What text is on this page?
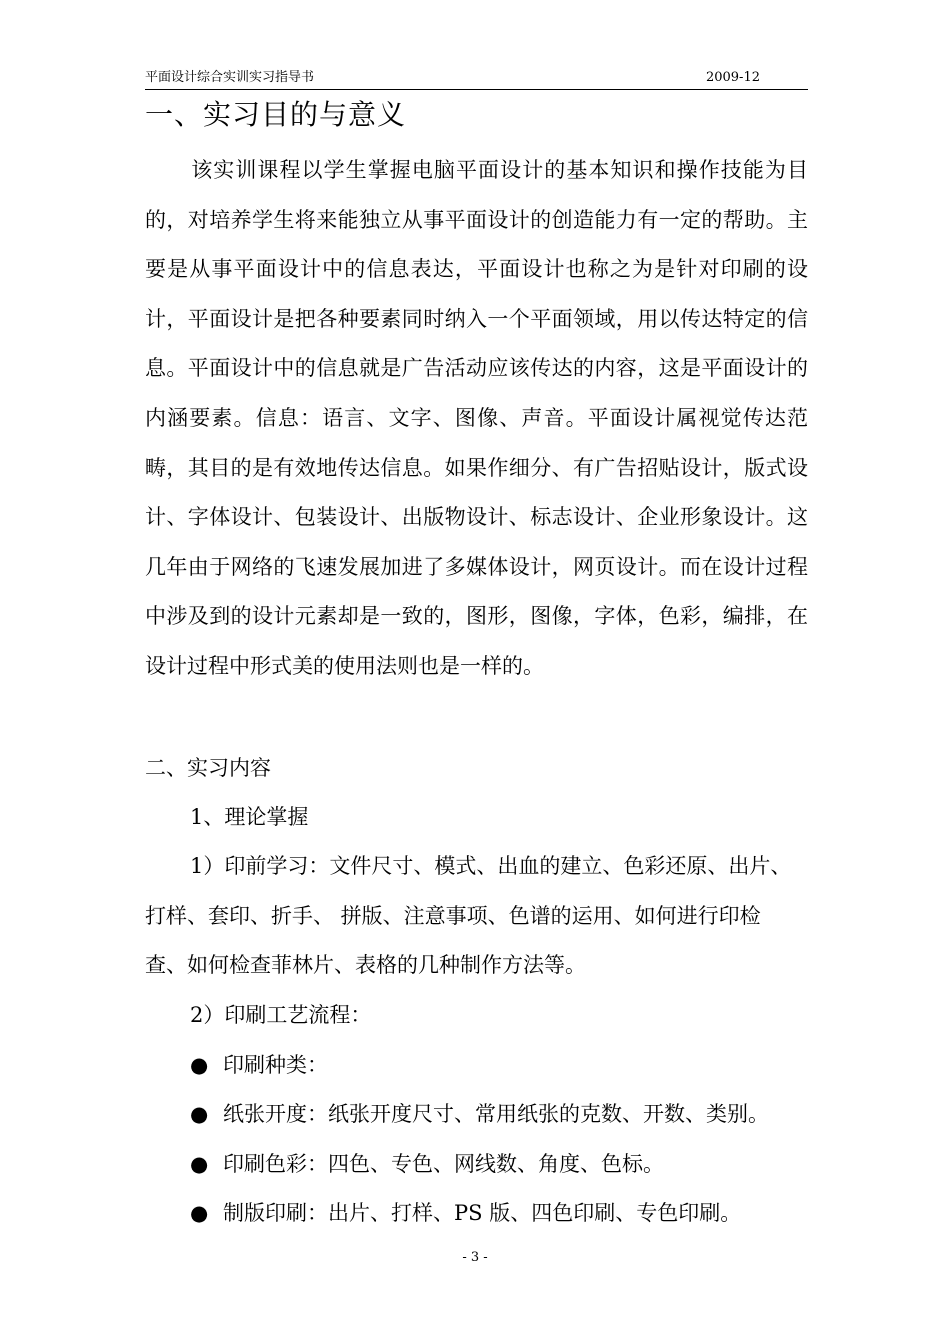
平面设计综合实训实习指导书	2009-12
一、实习目的与意义

该实训课程以学生掌握电脑平面设计的基本知识和操作技能为目的，对培养学生将来能独立从事平面设计的创造能力有一定的帮助。主要是从事平面设计中的信息表达，平面设计也称之为是针对印刷的设计，平面设计是把各种要素同时纳入一个平面领域，用以传达特定的信息。平面设计中的信息就是广告活动应该传达的内容，这是平面设计的内涵要素。信息：语言、文字、图像、声音。平面设计属视觉传达范畴，其目的是有效地传达信息。如果作细分、有广告招贴设计，版式设计、字体设计、包装设计、出版物设计、标志设计、企业形象设计。这几年由于网络的飞速发展加进了多媒体设计，网页设计。而在设计过程中涉及到的设计元素却是一致的，图形，图像，字体，色彩，编排，在设计过程中形式美的使用法则也是一样的。

二、实习内容
1、理论掌握
1）印前学习：文件尺寸、模式、出血的建立、色彩还原、出片、
打样、套印、折手、 拼版、注意事项、色谱的运用、如何进行印检
查、如何检查菲林片、表格的几种制作方法等。
2）印刷工艺流程：
● 印刷种类：
● 纸张开度：纸张开度尺寸、常用纸张的克数、开数、类别。
● 印刷色彩：四色、专色、网线数、角度、色标。
● 制版印刷：出片、打样、PS 版、四色印刷、专色印刷。
- 3 -
